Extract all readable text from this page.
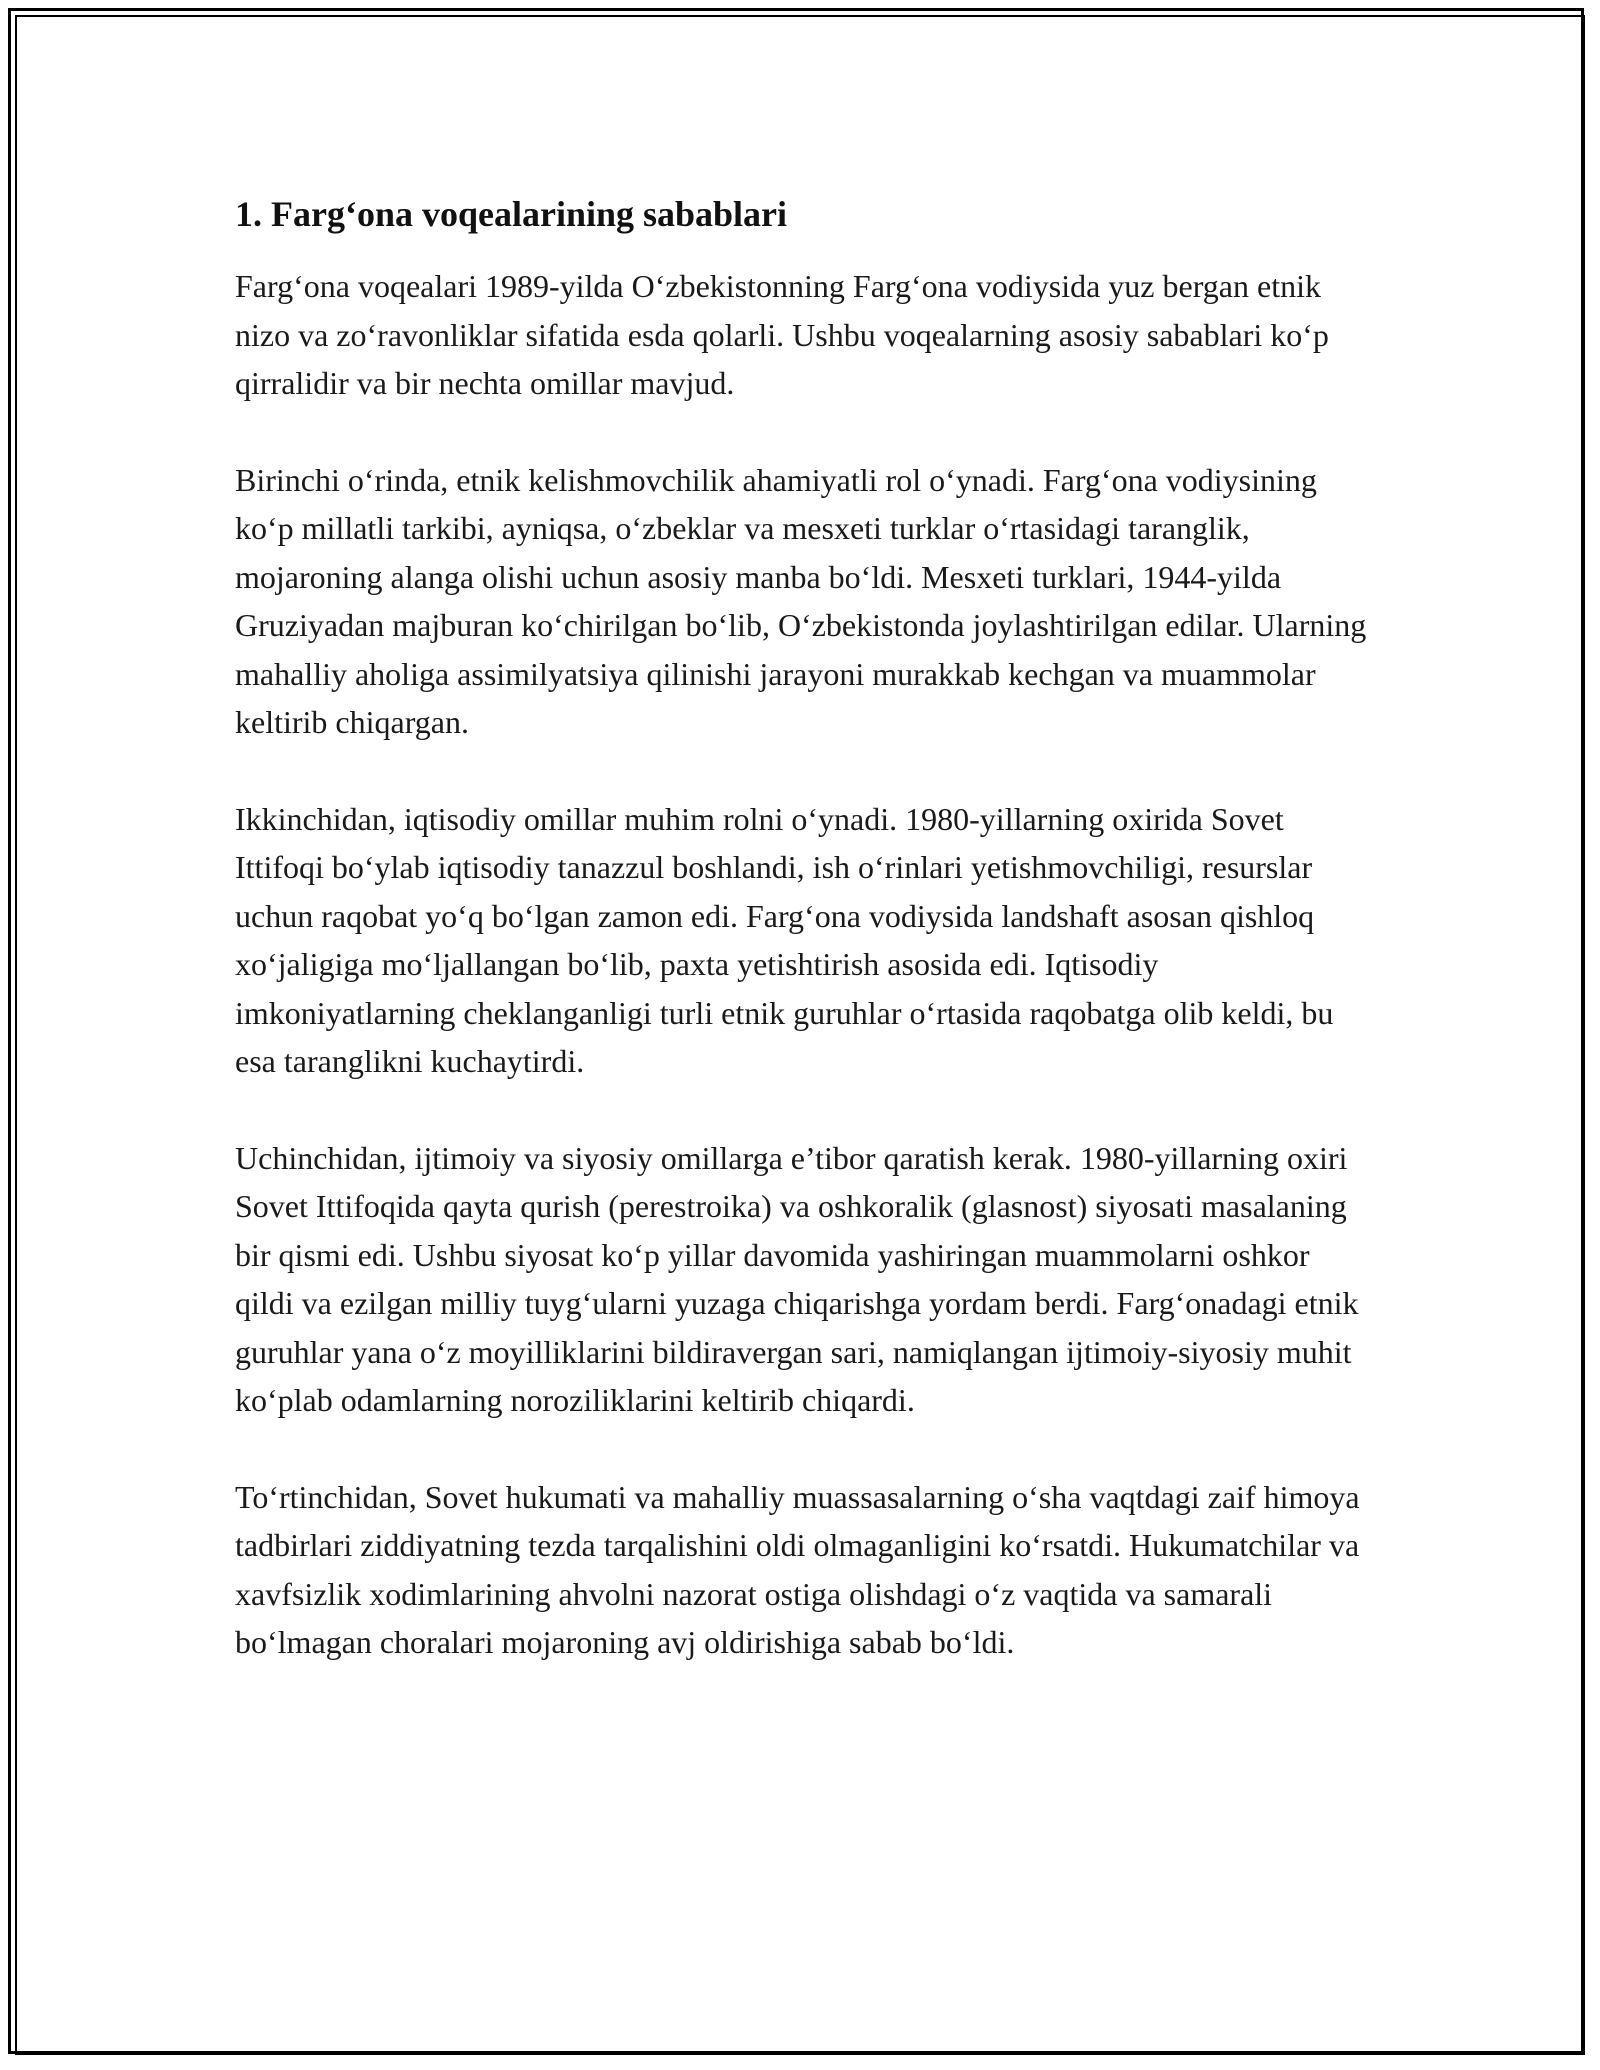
1. Farg‘ona voqealarining sabablari

Farg‘ona voqealari 1989-yilda O‘zbekistonning Farg‘ona vodiysida yuz bergan etnik nizo va zo‘ravonliklar sifatida esda qolarli. Ushbu voqealarning asosiy sabablari ko‘p qirralidir va bir nechta omillar mavjud.

Birinchi o‘rinda, etnik kelishmovchilik ahamiyatli rol o‘ynadi. Farg‘ona vodiysining ko‘p millatli tarkibi, ayniqsa, o‘zbeklar va mesxeti turklar o‘rtasidagi taranglik, mojaroning alanga olishi uchun asosiy manba bo‘ldi. Mesxeti turklari, 1944-yilda Gruziyadan majburan ko‘chirilgan bo‘lib, O‘zbekistonda joylashtirilgan edilar. Ularning mahalliy aholiga assimilyatsiya qilinishi jarayoni murakkab kechgan va muammolar keltirib chiqargan.

Ikkinchidan, iqtisodiy omillar muhim rolni o‘ynadi. 1980-yillarning oxirida Sovet Ittifoqi bo‘ylab iqtisodiy tanazzul boshlandi, ish o‘rinlari yetishmovchiligi, resurslar uchun raqobat yo‘q bo‘lgan zamon edi. Farg‘ona vodiysida landshaft asosan qishloq xo‘jaligiga mo‘ljallangan bo‘lib, paxta yetishtirish asosida edi. Iqtisodiy imkoniyatlarning cheklanganligi turli etnik guruhlar o‘rtasida raqobatga olib keldi, bu esa taranglikni kuchaytirdi.

Uchinchidan, ijtimoiy va siyosiy omillarga e’tibor qaratish kerak. 1980-yillarning oxiri Sovet Ittifoqida qayta qurish (perestroika) va oshkoralik (glasnost) siyosati masalaning bir qismi edi. Ushbu siyosat ko‘p yillar davomida yashiringan muammolarni oshkor qildi va ezilgan milliy tuyg‘ularni yuzaga chiqarishga yordam berdi. Farg‘onadagi etnik guruhlar yana o‘z moyilliklarini bildiravergan sari, namiqlangan ijtimoiy-siyosiy muhit ko‘plab odamlarning noroziliklarini keltirib chiqardi.

To‘rtinchidan, Sovet hukumati va mahalliy muassasalarning o‘sha vaqtdagi zaif himoya tadbirlari ziddiyatning tezda tarqalishini oldi olmaganligini ko‘rsatdi. Hukumatchilar va xavfsizlik xodimlarining ahvolni nazorat ostiga olishdagi o‘z vaqtida va samarali bo‘lmagan choralari mojaroning avj oldirishiga sabab bo‘ldi.
